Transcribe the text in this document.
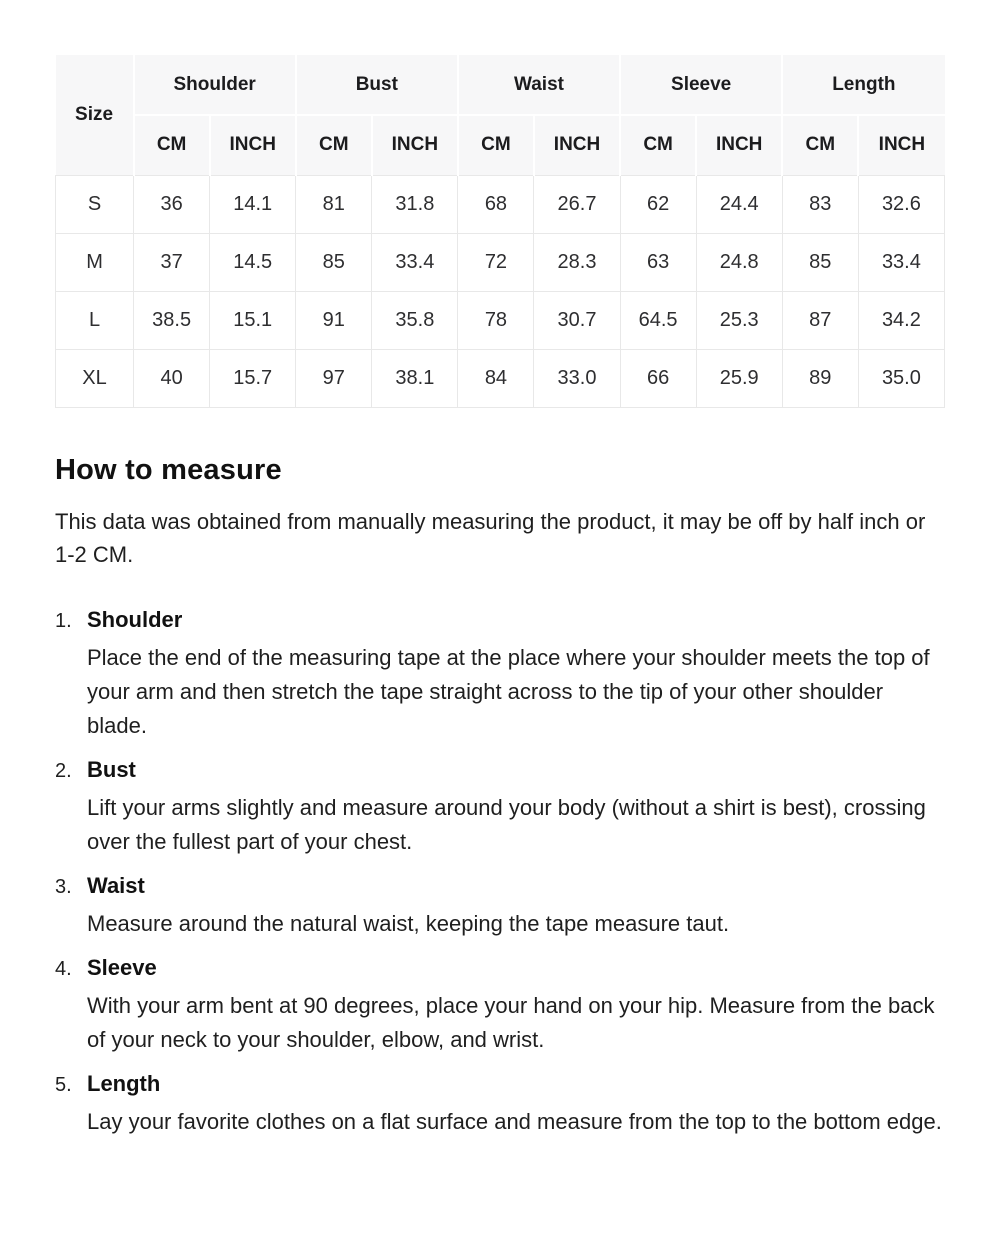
Size	Shoulder		Bust		Waist		Sleeve		Length	
	CM	INCH	CM	INCH	CM	INCH	CM	INCH	CM	INCH
S	36	14.1	81	31.8	68	26.7	62	24.4	83	32.6
M	37	14.5	85	33.4	72	28.3	63	24.8	85	33.4
L	38.5	15.1	91	35.8	78	30.7	64.5	25.3	87	34.2
XL	40	15.7	97	38.1	84	33.0	66	25.9	89	35.0
How to measure

This data was obtained from manually measuring the product, it may be off by half inch or 1-2 CM.

1. Shoulder

Place the end of the measuring tape at the place where your shoulder meets the top of your arm and then stretch the tape straight across to the tip of your other shoulder blade.

2. Bust

Lift your arms slightly and measure around your body (without a shirt is best), crossing over the fullest part of your chest.

3. Waist

Measure around the natural waist, keeping the tape measure taut.

4. Sleeve

With your arm bent at 90 degrees, place your hand on your hip. Measure from the back of your neck to your shoulder, elbow, and wrist.

5. Length

Lay your favorite clothes on a flat surface and measure from the top to the bottom edge.
